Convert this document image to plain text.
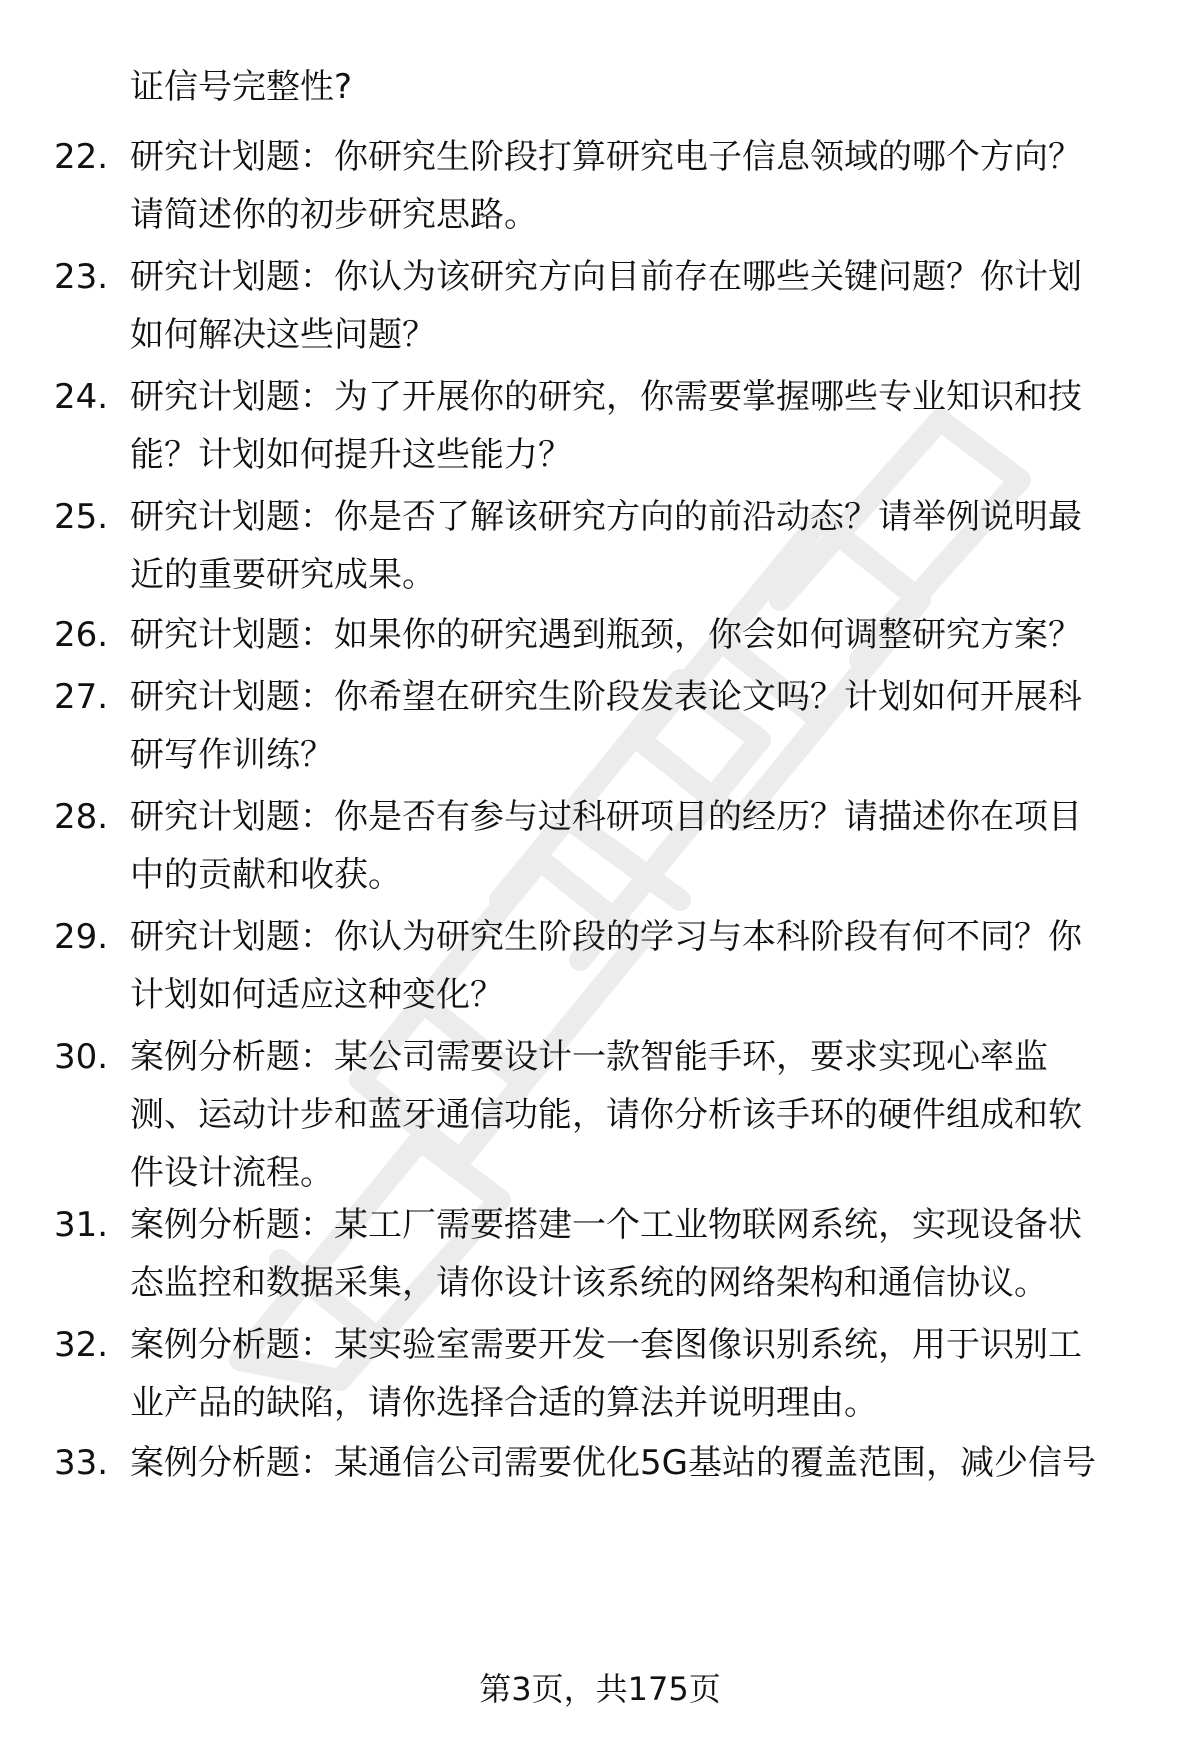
证信号完整性?
22. 研究计划题：你研究生阶段打算研究电子信息领域的哪个方向？
请简述你的初步研究思路。
23. 研究计划题：你认为该研究方向目前存在哪些关键问题？你计划
如何解决这些问题？
24. 研究计划题：为了开展你的研究，你需要掌握哪些专业知识和技
能？计划如何提升这些能力？
25. 研究计划题：你是否了解该研究方向的前沿动态？请举例说明最
近的重要研究成果。
26. 研究计划题：如果你的研究遇到瓶颈，你会如何调整研究方案？
27. 研究计划题：你希望在研究生阶段发表论文吗？计划如何开展科
研写作训练？
28. 研究计划题：你是否有参与过科研项目的经历？请描述你在项目
中的贡献和收获。
29. 研究计划题：你认为研究生阶段的学习与本科阶段有何不同？你
计划如何适应这种变化？
30. 案例分析题：某公司需要设计一款智能手环，要求实现心率监
测、运动计步和蓝牙通信功能，请你分析该手环的硬件组成和软
件设计流程。
31. 案例分析题：某工厂需要搭建一个工业物联网系统，实现设备状
态监控和数据采集，请你设计该系统的网络架构和通信协议。
32. 案例分析题：某实验室需要开发一套图像识别系统，用于识别工
业产品的缺陷，请你选择合适的算法并说明理由。
33. 案例分析题：某通信公司需要优化5G基站的覆盖范围，减少信号
第3页，共175页
